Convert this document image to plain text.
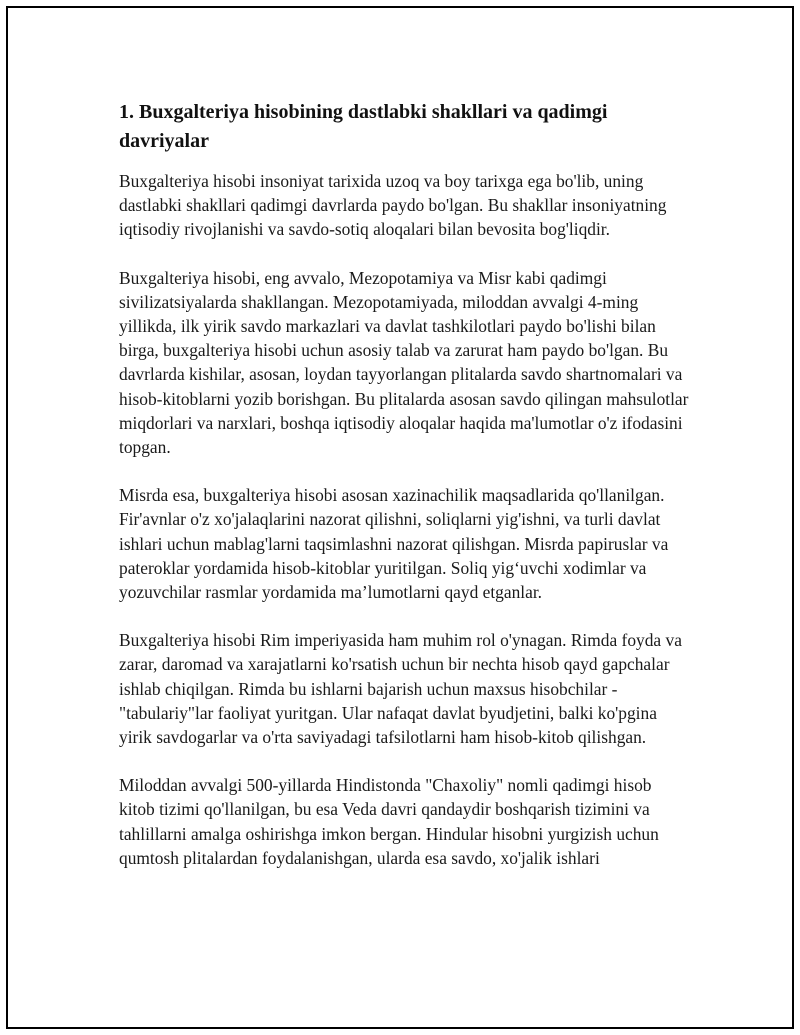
1. Buxgalteriya hisobining dastlabki shakllari va qadimgi davriyalar

Buxgalteriya hisobi insoniyat tarixida uzoq va boy tarixga ega bo'lib, uning dastlabki shakllari qadimgi davrlarda paydo bo'lgan. Bu shakllar insoniyatning iqtisodiy rivojlanishi va savdo-sotiq aloqalari bilan bevosita bog'liqdir.

Buxgalteriya hisobi, eng avvalo, Mezopotamiya va Misr kabi qadimgi sivilizatsiyalarda shakllangan. Mezopotamiyada, miloddan avvalgi 4-ming yillikda, ilk yirik savdo markazlari va davlat tashkilotlari paydo bo'lishi bilan birga, buxgalteriya hisobi uchun asosiy talab va zarurat ham paydo bo'lgan. Bu davrlarda kishilar, asosan, loydan tayyorlangan plitalarda savdo shartnomalari va hisob-kitoblarni yozib borishgan. Bu plitalarda asosan savdo qilingan mahsulotlar miqdorlari va narxlari, boshqa iqtisodiy aloqalar haqida ma'lumotlar o'z ifodasini topgan.

Misrda esa, buxgalteriya hisobi asosan xazinachilik maqsadlarida qo'llanilgan. Fir'avnlar o'z xo'jalaqlarini nazorat qilishni, soliqlarni yig'ishni, va turli davlat ishlari uchun mablag'larni taqsimlashni nazorat qilishgan. Misrda papiruslar va pateroklar yordamida hisob-kitoblar yuritilgan. Soliq yig‘uvchi xodimlar va yozuvchilar rasmlar yordamida ma’lumotlarni qayd etganlar.

Buxgalteriya hisobi Rim imperiyasida ham muhim rol o'ynagan. Rimda foyda va zarar, daromad va xarajatlarni ko'rsatish uchun bir nechta hisob qayd gapchalar ishlab chiqilgan. Rimda bu ishlarni bajarish uchun maxsus hisobchilar - "tabulariy"lar faoliyat yuritgan. Ular nafaqat davlat byudjetini, balki ko'pgina yirik savdogarlar va o'rta saviyadagi tafsilotlarni ham hisob-kitob qilishgan.

Miloddan avvalgi 500-yillarda Hindistonda "Chaxoliy" nomli qadimgi hisob kitob tizimi qo'llanilgan, bu esa Veda davri qandaydir boshqarish tizimini va tahlillarni amalga oshirishga imkon bergan. Hindular hisobni yurgizish uchun qumtosh plitalardan foydalanishgan, ularda esa savdo, xo'jalik ishlari
